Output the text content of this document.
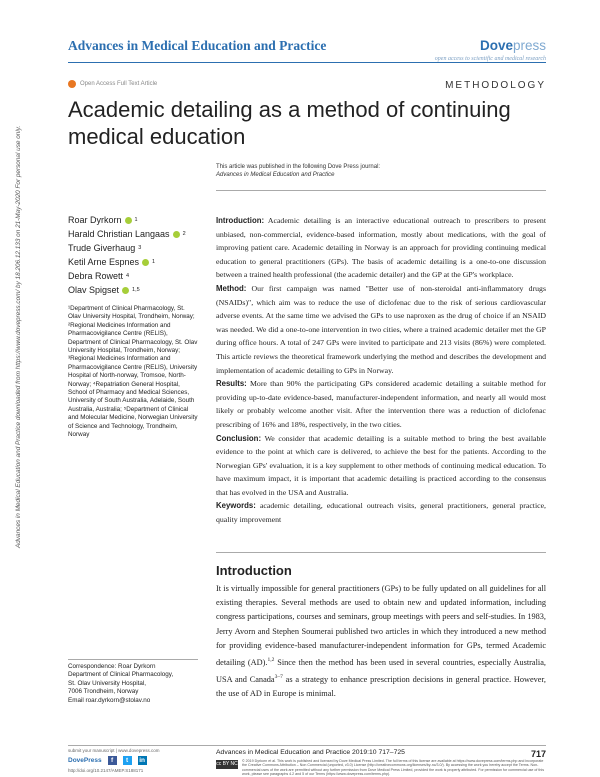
Advances in Medical Education and Practice	Dovepress
open access to scientific and medical research
Open Access Full Text Article	METHODOLOGY
Academic detailing as a method of continuing medical education
This article was published in the following Dove Press journal:
Advances in Medical Education and Practice
Advances in Medical Education and Practice downloaded from https://www.dovepress.com/ by 18.206.12.133 on 21-May-2020 For personal use only.	Roar Dyrkorn 1
Harald Christian Langaas 2
Trude Giverhaug 3
Ketil Arne Espnes 1
Debra Rowett 4
Olav Spigset 1,5
¹Department of Clinical Pharmacology, St. Olav University Hospital, Trondheim, Norway; ²Regional Medicines Information and Pharmacovigilance Centre (RELIS), Department of Clinical Pharmacology, St. Olav University Hospital, Trondheim, Norway; ³Regional Medicines Information and Pharmacovigilance Centre (RELIS), University Hospital of North-norway, Tromsoe, North-Norway; ⁴Repatriation General Hospital, School of Pharmacy and Medical Sciences, University of South Australia, Adelaide, South Australia, Australia; ⁵Department of Clinical and Molecular Medicine, Norwegian University of Science and Technology, Trondheim, Norway

Introduction: Academic detailing is an interactive educational outreach to prescribers to present unbiased, non-commercial, evidence-based information, mostly about medications, with the goal of improving patient care. Academic detailing in Norway is an approach for providing continuing medical education to general practitioners (GPs). The basis of academic detailing is a one-to-one discussion between a trained health professional (the academic detailer) and the GP at the GP's workplace.

Method: Our first campaign was named "Better use of non-steroidal anti-inflammatory drugs (NSAIDs)", which aim was to reduce the use of diclofenac due to the risk of serious cardiovascular adverse events. At the same time we advised the GPs to use naproxen as the drug of choice if an NSAID was needed. We did a one-to-one intervention in two cities, where a trained academic detailer met the GP during office hours. A total of 247 GPs were invited to participate and 213 visits (86%) were completed. This article reviews the theoretical framework underlying the method and describes the development and implementation of academic detailing to GPs in Norway.

Results: More than 90% the participating GPs considered academic detailing a suitable method for providing up-to-date evidence-based, manufacturer-independent information, and nearly all would most likely or probably welcome another visit. After the intervention there was a reduction of diclofenac prescribing of 16% and 18%, respectively, in the two cities.

Conclusion: We consider that academic detailing is a suitable method to bring the best available evidence to the point at which care is delivered, to achieve the best for the patients. According to the Norwegian GPs' evaluation, it is a key supplement to other methods of continuing medical education. To have maximum impact, it is important that academic detailing is practiced according to the consensus that has evolved in the USA and Australia.

Keywords: academic detailing, educational outreach visits, general practitioners, general practice, quality improvement

Introduction
It is virtually impossible for general practitioners (GPs) to be fully updated on all guidelines for all existing therapies. Several methods are used to obtain new and updated information, including congress participations, courses and seminars, group meetings with peers and self-studies. In 1983, Jerry Avorn and Stephen Soumerai published two articles in which they introduced a new method for providing evidence-based manufacturer-independent information for GPs, termed Academic detailing (AD).$^{1,2}$ Since then the method has been used in several countries, especially Australia, USA and Canada$^{3-7}$ as a strategy to enhance prescription decisions in general practice. However, the use of AD in Europe is minimal.
Correspondence: Roar Dyrkorn
Department of Clinical Pharmacology,
St. Olav University Hospital,
7006 Trondheim, Norway
Email roar.dyrkorn@stolav.no
submit your manuscript | www.dovepress.com
DovePress	f	t	in
http://doi.org/10.2147/AMEP.S188171
Advances in Medical Education and Practice 2019:10 717–725	717
cc BY NC © 2019 Dyrkorn et al. This work is published and licensed by Dove Medical Press Limited. The full terms of this license are available at https://www.dovepress.com/terms.php and incorporate the Creative Commons Attribution – Non Commercial (unported, v3.0) License (http://creativecommons.org/licenses/by-nc/3.0/). By accessing the work you hereby accept the Terms. Non-commercial uses of the work are permitted without any further permission from Dove Medical Press Limited, provided the work is properly attributed. For permission for commercial use of this work, please see paragraphs 4.2 and 5 of our Terms (https://www.dovepress.com/terms.php).
